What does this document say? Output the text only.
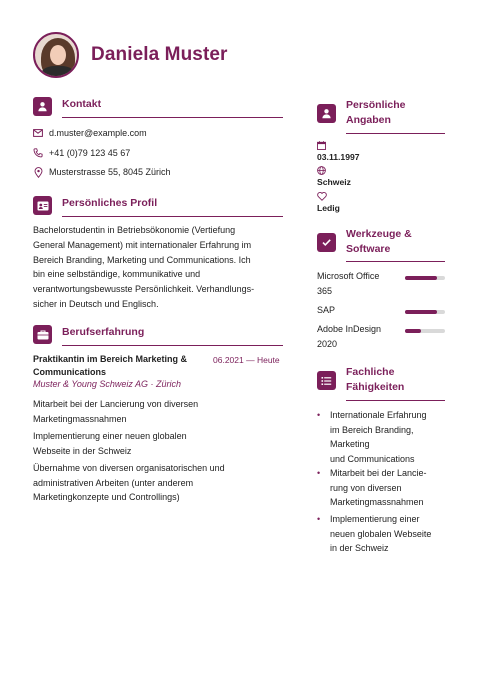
Daniela Muster
Kontakt
d.muster@example.com
+41 (0)79 123 45 67
Musterstrasse 55, 8045 Zürich
Persönliches Profil
Bachelorstudentin in Betriebsökonomie (Vertiefung
General Management) mit internationaler Erfahrung im
Bereich Branding, Marketing und Communications. Ich
bin eine selbständige, kommunikative und
verantwortungsbewusste Persönlichkeit. Verhandlungs-
sicher in Deutsch und Englisch.
Berufserfahrung
Praktikantin im Bereich Marketing &
Communications
06.2021 — Heute
Muster & Young Schweiz AG · Zürich
Mitarbeit bei der Lancierung von diversen
Marketingmassnahmen
Implementierung einer neuen globalen
Webseite in der Schweiz
Übernahme von diversen organisatorischen und
administrativen Arbeiten (unter anderem
Marketingkonzepte und Controllings)
Persönliche
Angaben
03.11.1997
Schweiz
Ledig
Werkzeuge &
Software
Microsoft Office
365
SAP
Adobe InDesign
2020
Fachliche
Fähigkeiten
•	Internationale Erfahrung
im Bereich Branding,
Marketing
und Communications
•	Mitarbeit bei der Lancie-
rung von diversen
Marketingmassnahmen
•	Implementierung einer
neuen globalen Webseite
in der Schweiz
